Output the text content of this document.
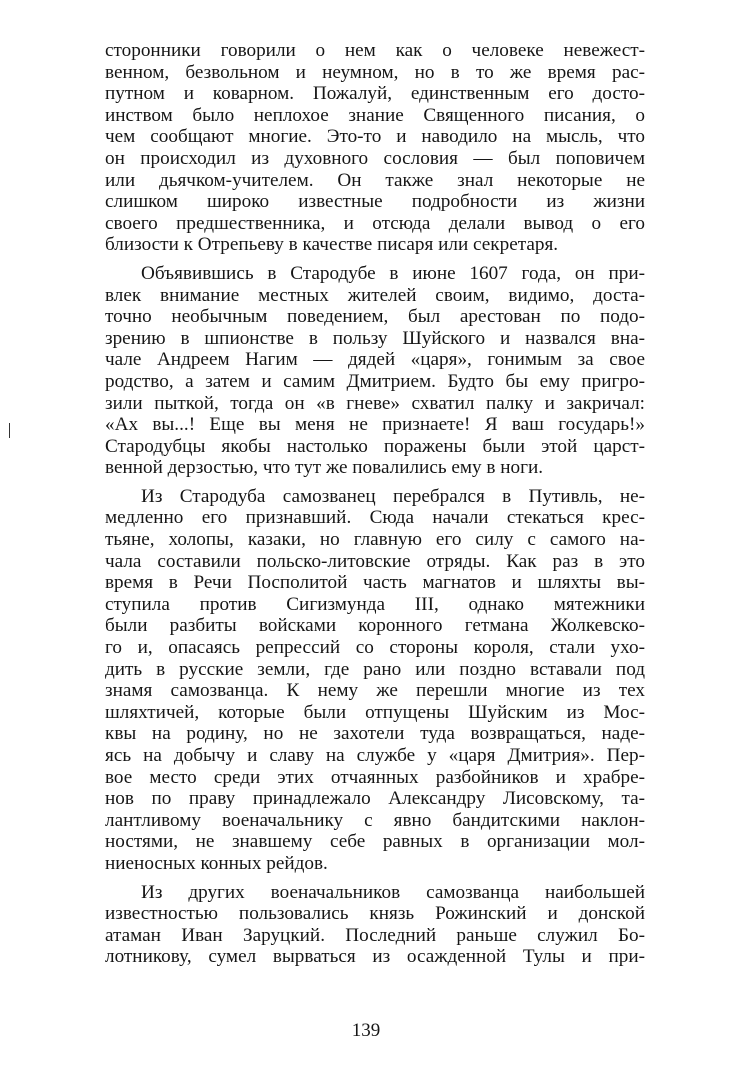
сторонники говорили о нем как о человеке невежест-
венном, безвольном и неумном, но в то же время рас-
путном и коварном. Пожалуй, единственным его досто-
инством было неплохое знание Священного писания, о
чем сообщают многие. Это-то и наводило на мысль, что
он происходил из духовного сословия — был поповичем
или дьячком-учителем. Он также знал некоторые не
слишком широко известные подробности из жизни
своего предшественника, и отсюда делали вывод о его
близости к Отрепьеву в качестве писаря или секретаря.
Объявившись в Стародубе в июне 1607 года, он при-
влек внимание местных жителей своим, видимо, доста-
точно необычным поведением, был арестован по подо-
зрению в шпионстве в пользу Шуйского и назвался вна-
чале Андреем Нагим — дядей «царя», гонимым за свое
родство, а затем и самим Дмитрием. Будто бы ему пригро-
зили пыткой, тогда он «в гневе» схватил палку и закричал:
«Ах вы...! Еще вы меня не признаете! Я ваш государь!»
Стародубцы якобы настолько поражены были этой царст-
венной дерзостью, что тут же повалились ему в ноги.
Из Стародуба самозванец перебрался в Путивль, не-
медленно его признавший. Сюда начали стекаться крес-
тьяне, холопы, казаки, но главную его силу с самого на-
чала составили польско-литовские отряды. Как раз в это
время в Речи Посполитой часть магнатов и шляхты вы-
ступила против Сигизмунда III, однако мятежники
были разбиты войсками коронного гетмана Жолкевско-
го и, опасаясь репрессий со стороны короля, стали ухо-
дить в русские земли, где рано или поздно вставали под
знамя самозванца. К нему же перешли многие из тех
шляхтичей, которые были отпущены Шуйским из Мос-
квы на родину, но не захотели туда возвращаться, наде-
ясь на добычу и славу на службе у «царя Дмитрия». Пер-
вое место среди этих отчаянных разбойников и храбре-
нов по праву принадлежало Александру Лисовскому, та-
лантливому военачальнику с явно бандитскими наклон-
ностями, не знавшему себе равных в организации мол-
ниеносных конных рейдов.
Из других военачальников самозванца наибольшей
известностью пользовались князь Рожинский и донской
атаман Иван Заруцкий. Последний раньше служил Бо-
лотникову, сумел вырваться из осажденной Тулы и при-
139
